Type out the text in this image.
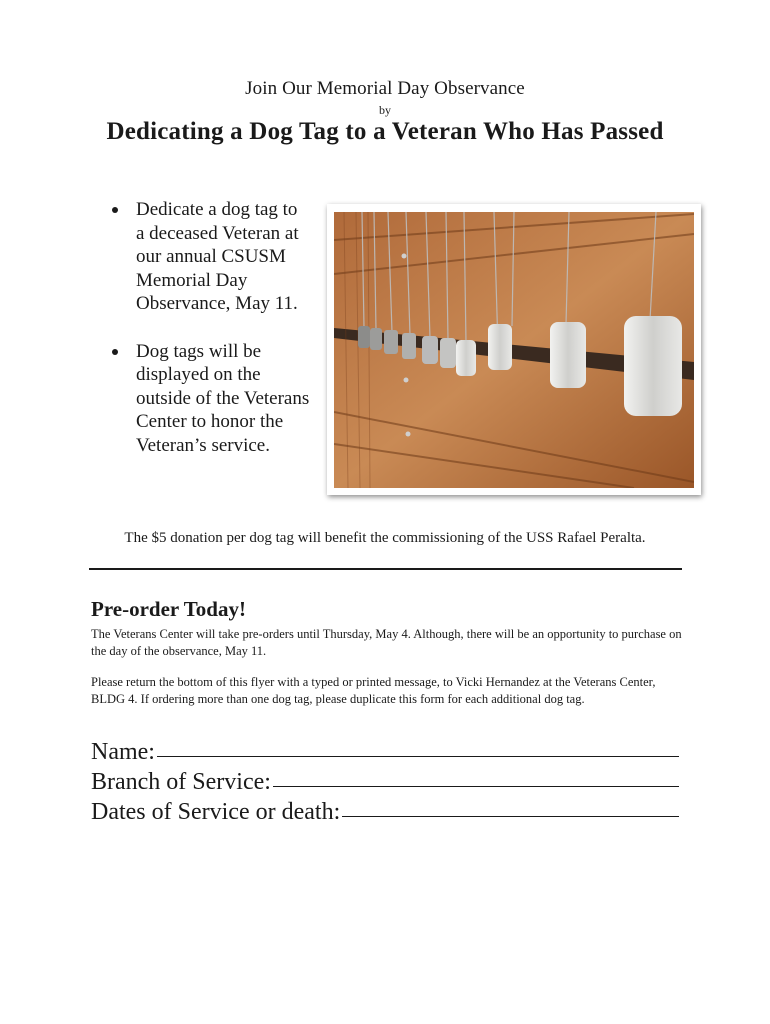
Join Our Memorial Day Observance
by
Dedicating a Dog Tag to a Veteran Who Has Passed
Dedicate a dog tag to a deceased Veteran at our annual CSUSM Memorial Day Observance, May 11.
Dog tags will be displayed on the outside of the Veterans Center to honor the Veteran’s service.
The $5 donation per dog tag will benefit the commissioning of the USS Rafael Peralta.
Pre-order Today!
The Veterans Center will take pre-orders until Thursday, May 4. Although, there will be an opportunity to purchase on the day of the observance, May 11.
Please return the bottom of this flyer with a typed or printed message, to Vicki Hernandez at the Veterans Center, BLDG 4. If ordering more than one dog tag, please duplicate this form for each additional dog tag.
Name:
Branch of Service:
Dates of Service or death:
